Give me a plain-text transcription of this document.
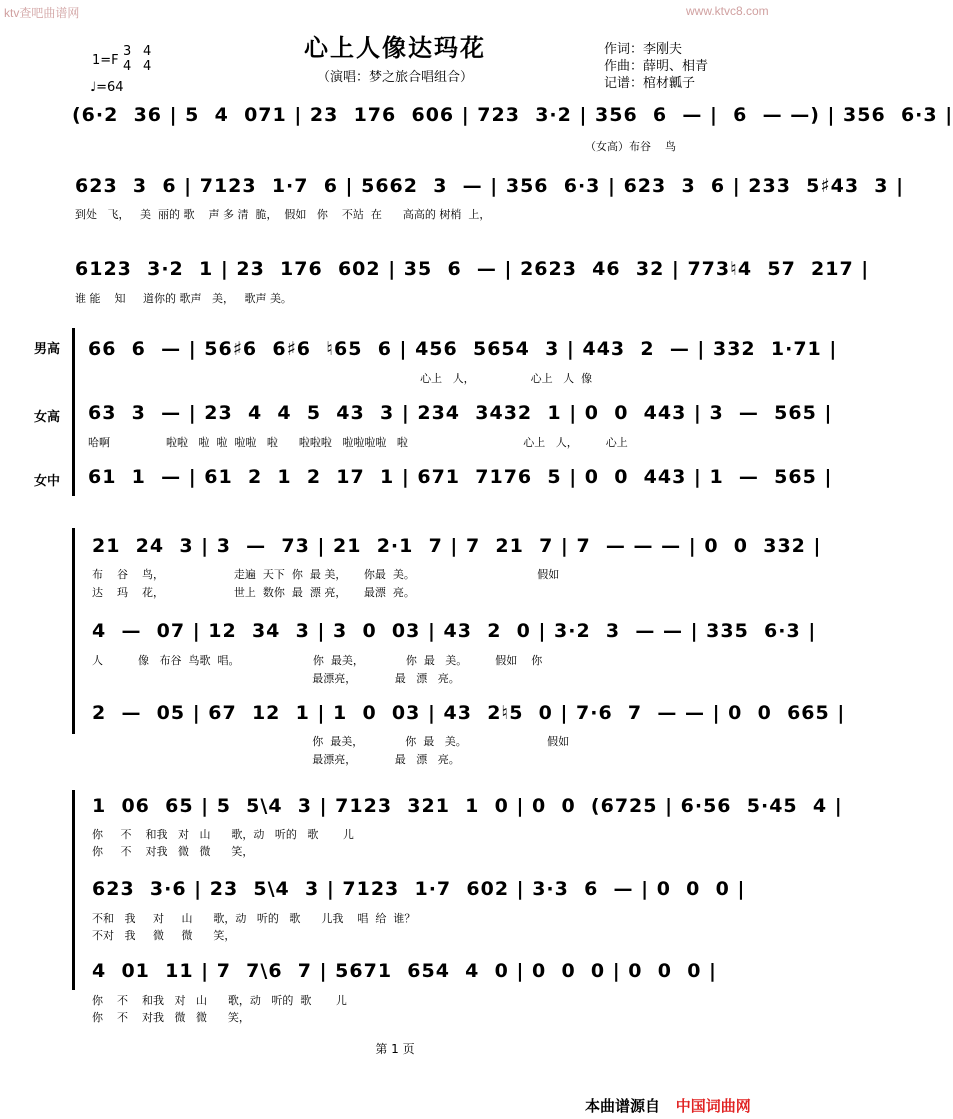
ktv查吧曲谱网	www.ktvc8.com
心上人像达玛花
（演唱：梦之旅合唱组合）
1=F
3
4
4
4
♩=64
作词：李刚夫
作曲：薛明、相青
记谱：棺材瓤子
(6·2  36 | 5  4  071 | 23  176  606 | 723  3·2 | 356  6  — |  6  — —) | 356  6·3 |
（女高）布谷    鸟
623  3  6 | 7123  1·7  6 | 5662  3  — | 356  6·3 | 623  3  6 | 233  5♯43  3 |
到处   飞，   美  丽的 歌    声 多 清  脆，  假如   你    不站  在      高高的 树梢  上，
6123  3·2  1 | 23  176  602 | 35  6  — | 2623  46  32 | 773♮4  57  217 |
谁 能    知     道你的 歌声   美，   歌声 美。
男高
女高
女中
66  6  — | 56♯6  6♯6  ♮65  6 | 456  5654  3 | 443  2  — | 332  1·71 |
心上   人，                心上   人  像
63  3  — | 23  4  4  5  43  3 | 234  3432  1 | 0  0  443 | 3  —  565 |
哈啊                啦啦   啦  啦  啦啦   啦      啦啦啦   啦啦啦啦   啦                                 心上   人，        心上
61  1  — | 61  2  1  2  17  1 | 671  7176  5 | 0  0  443 | 1  —  565 |
21  24  3 | 3  —  73 | 21  2·1  7 | 7  21  7 | 7  — — — | 0  0  332 |
布    谷    鸟，                    走遍  天下  你  最 美，     你最  美。                                   假如
达    玛    花，                    世上  数你  最  漂 亮，     最漂  亮。
4  —  07 | 12  34  3 | 3  0  03 | 43  2  0 | 3·2  3  — — | 335  6·3 |
人          像   布谷  鸟歌  唱。                     你  最美，            你  最   美。        假如    你
最漂亮，           最   漂   亮。
2  —  05 | 67  12  1 | 1  0  03 | 43  2♮5  0 | 7·6  7  — — | 0  0  665 |
你  最美，            你  最   美。                       假如
最漂亮，           最   漂   亮。
1  06  65 | 5  5\4  3 | 7123  321  1  0 | 0  0  (6725 | 6·56  5·45  4 |
你     不    和我   对   山      歌，动   听的   歌       儿
你     不    对我   微   微      笑，
623  3·6 | 23  5\4  3 | 7123  1·7  602 | 3·3  6  — | 0  0  0 |
不和   我     对     山      歌，动   听的   歌      儿我    唱  给  谁？
不对   我     微     微      笑，
4  01  11 | 7  7\6  7 | 5671  654  4  0 | 0  0  0 | 0  0  0 |
你    不    和我   对   山      歌，动   听的  歌       儿
你    不    对我   微   微      笑，
第 1 页
本曲谱源自 中国词曲网
